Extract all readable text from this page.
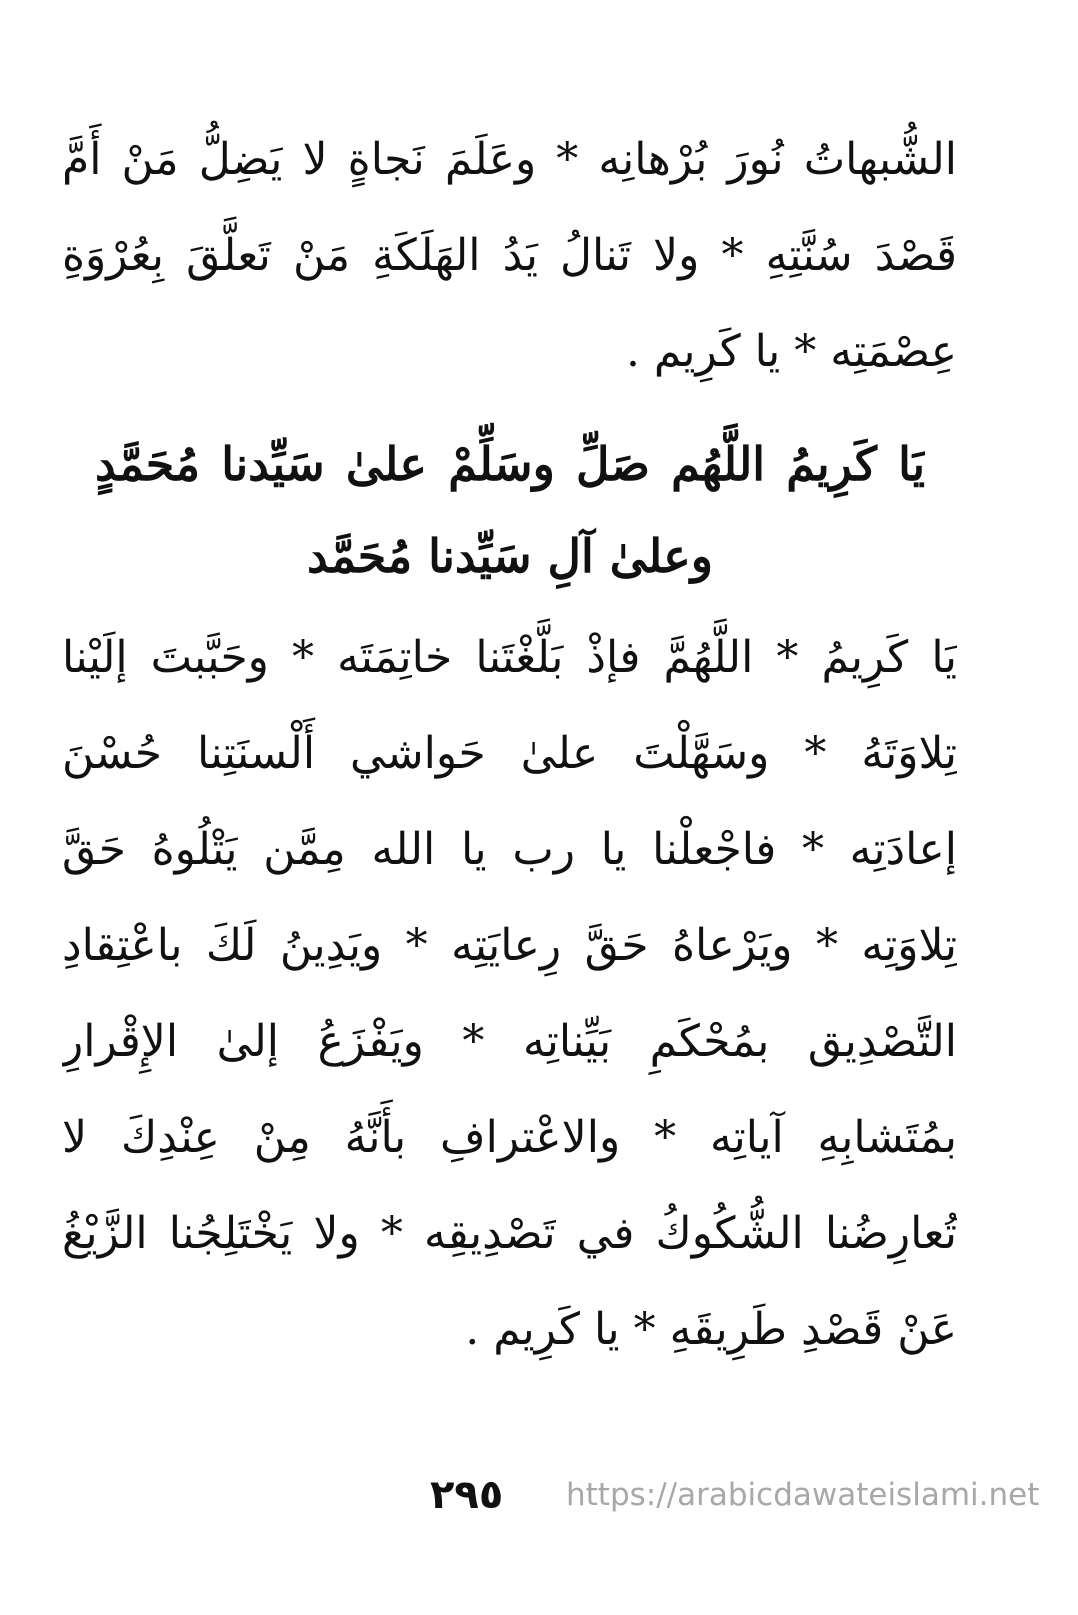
الشُّبهاتُ نُورَ بُرْهانِه * وعَلَمَ نَجاةٍ لا يَضِلُّ مَنْ أَمَّ
قَصْدَ سُنَّتِهِ * ولا تَنالُ يَدُ الهَلَكَةِ مَنْ تَعلَّقَ بِعُرْوَةِ
عِصْمَتِه * يا كَرِيم .
يَا كَرِيمُ اللَّهُم صَلِّ وسَلِّمْ علىٰ سَيِّدنا مُحَمَّدٍ
وعلىٰ آلِ سَيِّدنا مُحَمَّد
يَا كَرِيمُ * اللَّهُمَّ فإذْ بَلَّغْتَنا خاتِمَتَه * وحَبَّبتَ إلَيْنا
تِلاوَتَهُ * وسَهَّلْتَ علىٰ حَواشي أَلْسنَتِنا حُسْنَ
إعادَتِه * فاجْعلْنا يا رب يا الله مِمَّن يَتْلُوهُ حَقَّ
تِلاوَتِه * ويَرْعاهُ حَقَّ رِعايَتِه * ويَدِينُ لَكَ باعْتِقادِ
التَّصْدِيق بمُحْكَمِ بَيِّناتِه * ويَفْزَعُ إلىٰ الإِقْرارِ
بمُتَشابِهِ آياتِه * والاعْترافِ بأَنَّهُ مِنْ عِنْدِكَ لا
تُعارِضُنا الشُّكُوكُ في تَصْدِيقِه * ولا يَخْتَلِجُنا الزَّيْغُ
عَنْ قَصْدِ طَرِيقَهِ * يا كَرِيم .
٢٩٥ https://arabicdawateislami.net
